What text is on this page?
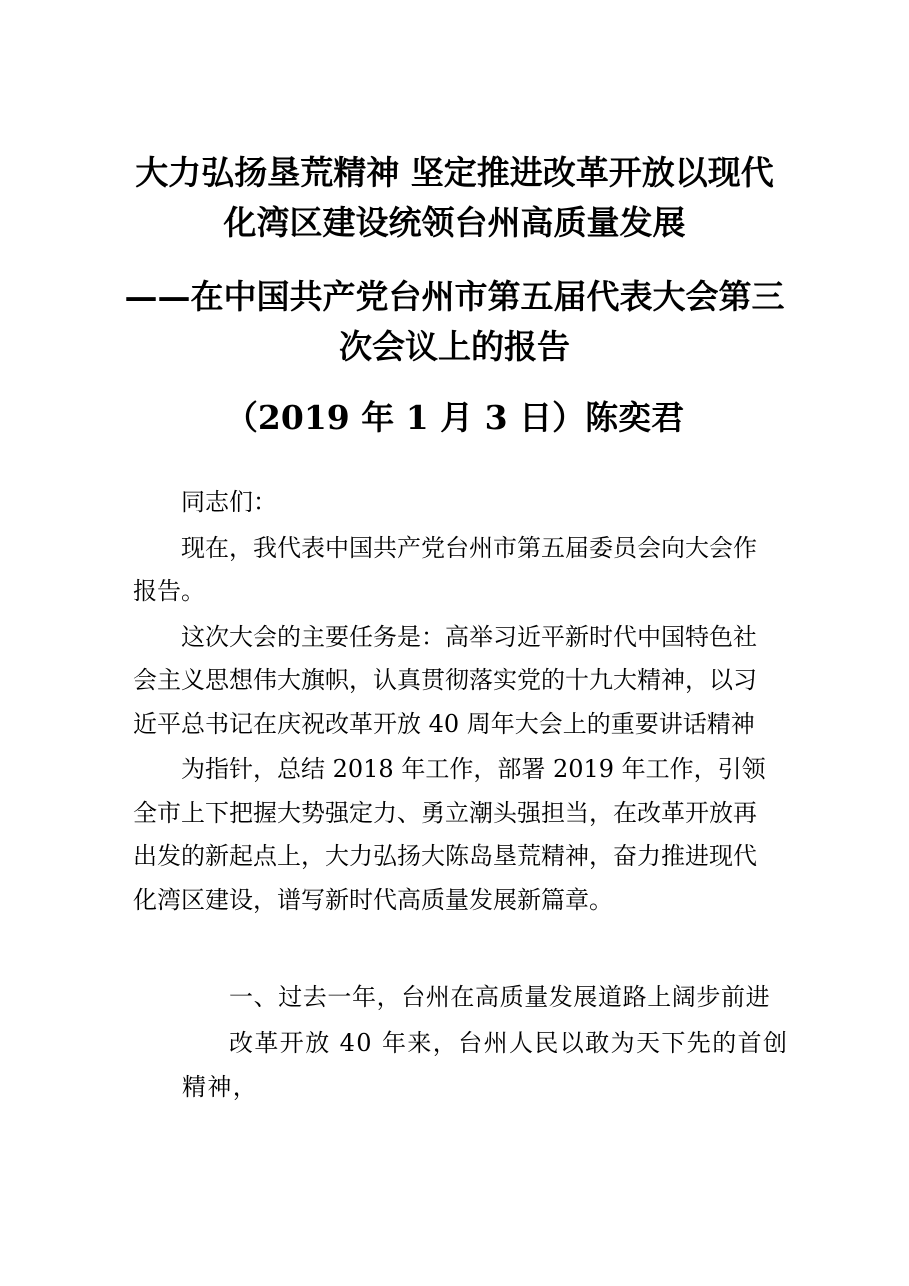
大力弘扬垦荒精神 坚定推进改革开放以现代
化湾区建设统领台州高质量发展
——在中国共产党台州市第五届代表大会第三
次会议上的报告
（2019 年 1 月 3 日）陈奕君

同志们：

现在，我代表中国共产党台州市第五届委员会向大会作报告。

这次大会的主要任务是：高举习近平新时代中国特色社会主义思想伟大旗帜，认真贯彻落实党的十九大精神，以习近平总书记在庆祝改革开放 40 周年大会上的重要讲话精神

为指针，总结 2018 年工作，部署 2019 年工作，引领全市上下把握大势强定力、勇立潮头强担当，在改革开放再出发的新起点上，大力弘扬大陈岛垦荒精神，奋力推进现代化湾区建设，谱写新时代高质量发展新篇章。

一、过去一年，台州在高质量发展道路上阔步前进

改革开放 40 年来，台州人民以敢为天下先的首创精神，
